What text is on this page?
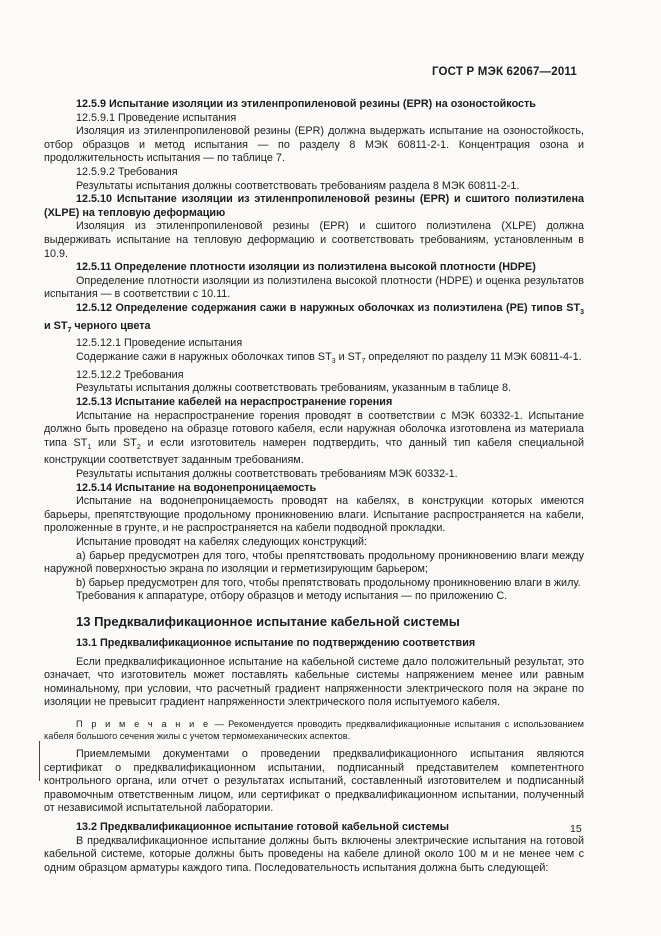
ГОСТ Р МЭК 62067—2011

12.5.9 Испытание изоляции из этиленпропиленовой резины (EPR) на озоностойкость

12.5.9.1 Проведение испытания

Изоляция из этиленпропиленовой резины (EPR) должна выдержать испытание на озоностойкость, отбор образцов и метод испытания — по разделу 8 МЭК 60811-2-1. Концентрация озона и продолжительность испытания — по таблице 7.

12.5.9.2 Требования

Результаты испытания должны соответствовать требованиям раздела 8 МЭК 60811-2-1.

12.5.10 Испытание изоляции из этиленпропиленовой резины (EPR) и сшитого полиэтилена (XLPE) на тепловую деформацию

Изоляция из этиленпропиленовой резины (EPR) и сшитого полиэтилена (XLPE) должна выдерживать испытание на тепловую деформацию и соответствовать требованиям, установленным в 10.9.

12.5.11 Определение плотности изоляции из полиэтилена высокой плотности (HDPE)

Определение плотности изоляции из полиэтилена высокой плотности (HDPE) и оценка результатов испытания — в соответствии с 10.11.

12.5.12 Определение содержания сажи в наружных оболочках из полиэтилена (PE) типов $ST_3$ и $ST_7$ черного цвета

12.5.12.1 Проведение испытания

Содержание сажи в наружных оболочках типов $ST_3$ и $ST_7$ определяют по разделу 11 МЭК 60811-4-1.

12.5.12.2 Требования

Результаты испытания должны соответствовать требованиям, указанным в таблице 8.

12.5.13 Испытание кабелей на нераспространение горения

Испытание на нераспространение горения проводят в соответствии с МЭК 60332-1. Испытание должно быть проведено на образце готового кабеля, если наружная оболочка изготовлена из материала типа $ST_1$ или $ST_2$ и если изготовитель намерен подтвердить, что данный тип кабеля специальной конструкции соответствует заданным требованиям.

Результаты испытания должны соответствовать требованиям МЭК 60332-1.

12.5.14 Испытание на водонепроницаемость

Испытание на водонепроницаемость проводят на кабелях, в конструкции которых имеются барьеры, препятствующие продольному проникновению влаги. Испытание распространяется на кабели, проложенные в грунте, и не распространяется на кабели подводной прокладки.

Испытание проводят на кабелях следующих конструкций:

a) барьер предусмотрен для того, чтобы препятствовать продольному проникновению влаги между наружной поверхностью экрана по изоляции и герметизирующим барьером;

b) барьер предусмотрен для того, чтобы препятствовать продольному проникновению влаги в жилу.

Требования к аппаратуре, отбору образцов и методу испытания — по приложению С.

13 Предквалификационное испытание кабельной системы

13.1 Предквалификационное испытание по подтверждению соответствия

Если предквалификационное испытание на кабельной системе дало положительный результат, это означает, что изготовитель может поставлять кабельные системы напряжением менее или равным номинальному, при условии, что расчетный градиент напряженности электрического поля на экране по изоляции не превысит градиент напряженности электрического поля испытуемого кабеля.

П р и м е ч а н и е — Рекомендуется проводить предквалификационные испытания с использованием кабеля большого сечения жилы с учетом термомеханических аспектов.

Приемлемыми документами о проведении предквалификационного испытания являются сертификат о предквалификационном испытании, подписанный представителем компетентного контрольного органа, или отчет о результатах испытаний, составленный изготовителем и подписанный правомочным ответственным лицом, или сертификат о предквалификационном испытании, полученный от независимой испытательной лаборатории.

13.2 Предквалификационное испытание готовой кабельной системы

В предквалификационное испытание должны быть включены электрические испытания на готовой кабельной системе, которые должны быть проведены на кабеле длиной около 100 м и не менее чем с одним образцом арматуры каждого типа. Последовательность испытания должна быть следующей:

15
